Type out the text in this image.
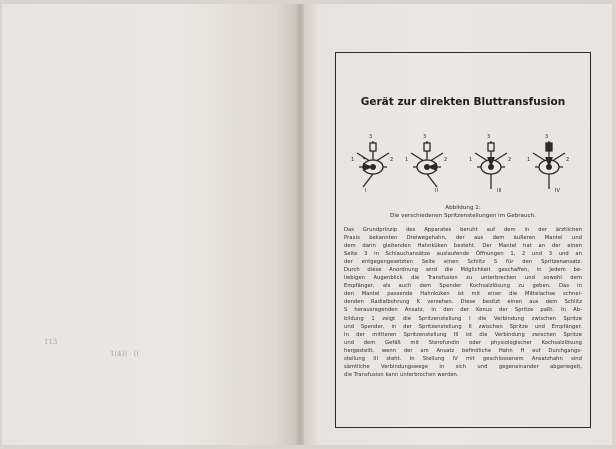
113
1(4)) · ((
Gerät zur direkten Bluttransfusion
3
1	2
I
3
1	2
II
3
1	2
III
3
1	2
IV
Abbildung 1:
Die verschiedenen Spritzenstellungen im Gebrauch.
Das Grundprinzip des Apparates beruht auf dem in der ärztlichen
Praxis bekannten Dreiwegehahn, der aus dem äußeren Mantel und
dem darin gleitenden Hahnküken besteht. Der Mantel hat an der einen
Seite 3 in Schlauchansätze auslaufende Öffnungen 1, 2 und 3 und an
der entgegengesetzten Seite einen Schlitz S für den Spritzenansatz.
Durch diese Anordnung wird die Möglichkeit geschaffen, in jedem be-
liebigen Augenblick die Transfusion zu unterbrechen und sowohl dem
Empfänger, als auch dem Spender Kochsalzlösung zu geben. Das in
den Mantel passende Hahnküken ist mit einer die Mittelachse schnei-
denden Radialbohrung K versehen. Diese besitzt einen aus dem Schlitz
S herausragenden Ansatz, in den der Konus der Spritze paßt. In Ab-
bildung 1 zeigt die Spritzenstellung I die Verbindung zwischen Spritze
und Spender, in der Spritzenstellung II zwischen Spritze und Empfänger.
In der mittleren Spritzenstellung III ist die Verbindung zwischen Spritze
und dem Gefäß mit Sterofundin oder physiologischer Kochsalzlösung
hergestellt, wenn der am Ansatz befindliche Hahn H auf Durchgangs-
stellung III steht. In Stellung IV mit geschlossenem Ansatzhahn sind
sämtliche Verbindungswege in sich und gegeneinander abgeriegelt,
die Transfusion kann unterbrochen werden.
